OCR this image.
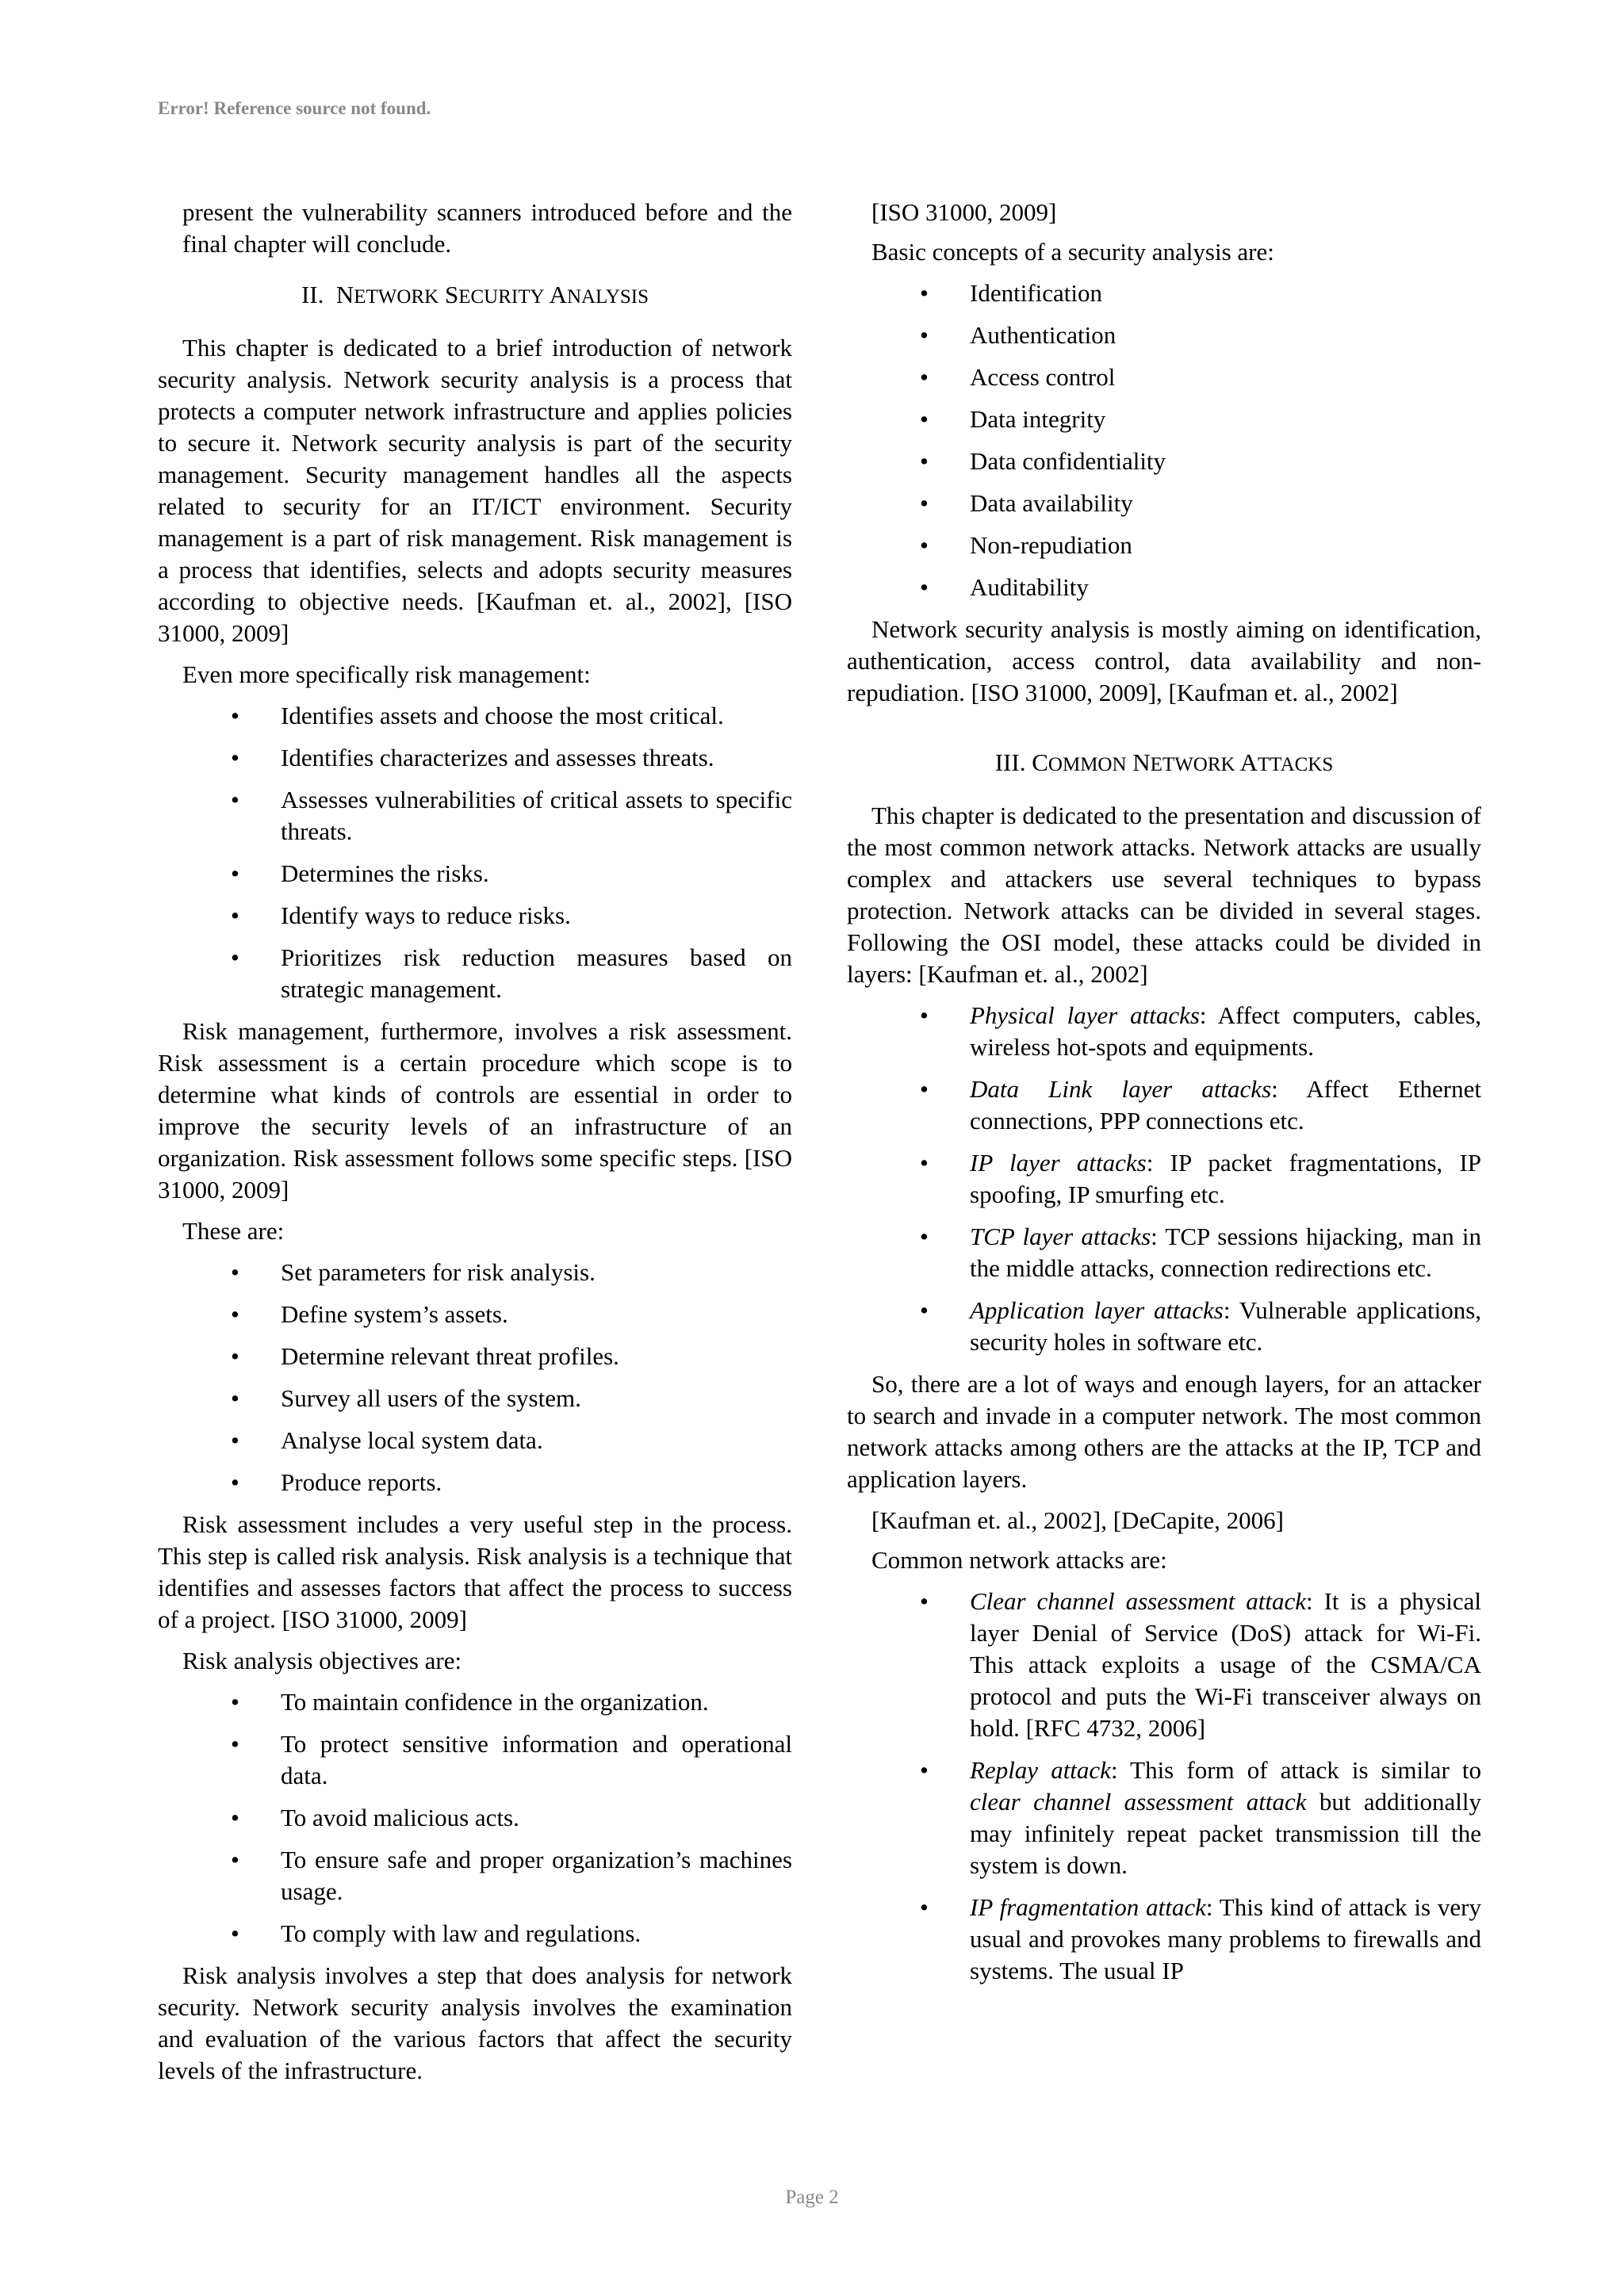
Error! Reference source not found.

present the vulnerability scanners introduced before and the final chapter will conclude.

II. NETWORK SECURITY ANALYSIS

This chapter is dedicated to a brief introduction of network security analysis. Network security analysis is a process that protects a computer network infrastructure and applies policies to secure it. Network security analysis is part of the security management. Security management handles all the aspects related to security for an IT/ICT environment. Security management is a part of risk management. Risk management is a process that identifies, selects and adopts security measures according to objective needs. [Kaufman et. al., 2002], [ISO 31000, 2009]

Even more specifically risk management:

• Identifies assets and choose the most critical.
• Identifies characterizes and assesses threats.
• Assesses vulnerabilities of critical assets to specific threats.
• Determines the risks.
• Identify ways to reduce risks.
• Prioritizes risk reduction measures based on strategic management.

Risk management, furthermore, involves a risk assessment. Risk assessment is a certain procedure which scope is to determine what kinds of controls are essential in order to improve the security levels of an infrastructure of an organization. Risk assessment follows some specific steps. [ISO 31000, 2009]

These are:

• Set parameters for risk analysis.
• Define system’s assets.
• Determine relevant threat profiles.
• Survey all users of the system.
• Analyse local system data.
• Produce reports.

Risk assessment includes a very useful step in the process. This step is called risk analysis. Risk analysis is a technique that identifies and assesses factors that affect the process to success of a project. [ISO 31000, 2009]

Risk analysis objectives are:

• To maintain confidence in the organization.
• To protect sensitive information and operational data.
• To avoid malicious acts.
• To ensure safe and proper organization’s machines usage.
• To comply with law and regulations.

Risk analysis involves a step that does analysis for network security. Network security analysis involves the examination and evaluation of the various factors that affect the security levels of the infrastructure.

[ISO 31000, 2009]

Basic concepts of a security analysis are:

• Identification
• Authentication
• Access control
• Data integrity
• Data confidentiality
• Data availability
• Non-repudiation
• Auditability

Network security analysis is mostly aiming on identification, authentication, access control, data availability and non-repudiation. [ISO 31000, 2009], [Kaufman et. al., 2002]

III. COMMON NETWORK ATTACKS

This chapter is dedicated to the presentation and discussion of the most common network attacks. Network attacks are usually complex and attackers use several techniques to bypass protection. Network attacks can be divided in several stages. Following the OSI model, these attacks could be divided in layers: [Kaufman et. al., 2002]

• Physical layer attacks: Affect computers, cables, wireless hot-spots and equipments.
• Data Link layer attacks: Affect Ethernet connections, PPP connections etc.
• IP layer attacks: IP packet fragmentations, IP spoofing, IP smurfing etc.
• TCP layer attacks: TCP sessions hijacking, man in the middle attacks, connection redirections etc.
• Application layer attacks: Vulnerable applications, security holes in software etc.

So, there are a lot of ways and enough layers, for an attacker to search and invade in a computer network. The most common network attacks among others are the attacks at the IP, TCP and application layers.

[Kaufman et. al., 2002], [DeCapite, 2006]

Common network attacks are:

• Clear channel assessment attack: It is a physical layer Denial of Service (DoS) attack for Wi-Fi. This attack exploits a usage of the CSMA/CA protocol and puts the Wi-Fi transceiver always on hold. [RFC 4732, 2006]
• Replay attack: This form of attack is similar to clear channel assessment attack but additionally may infinitely repeat packet transmission till the system is down.
• IP fragmentation attack: This kind of attack is very usual and provokes many problems to firewalls and systems. The usual IP
Page 2
